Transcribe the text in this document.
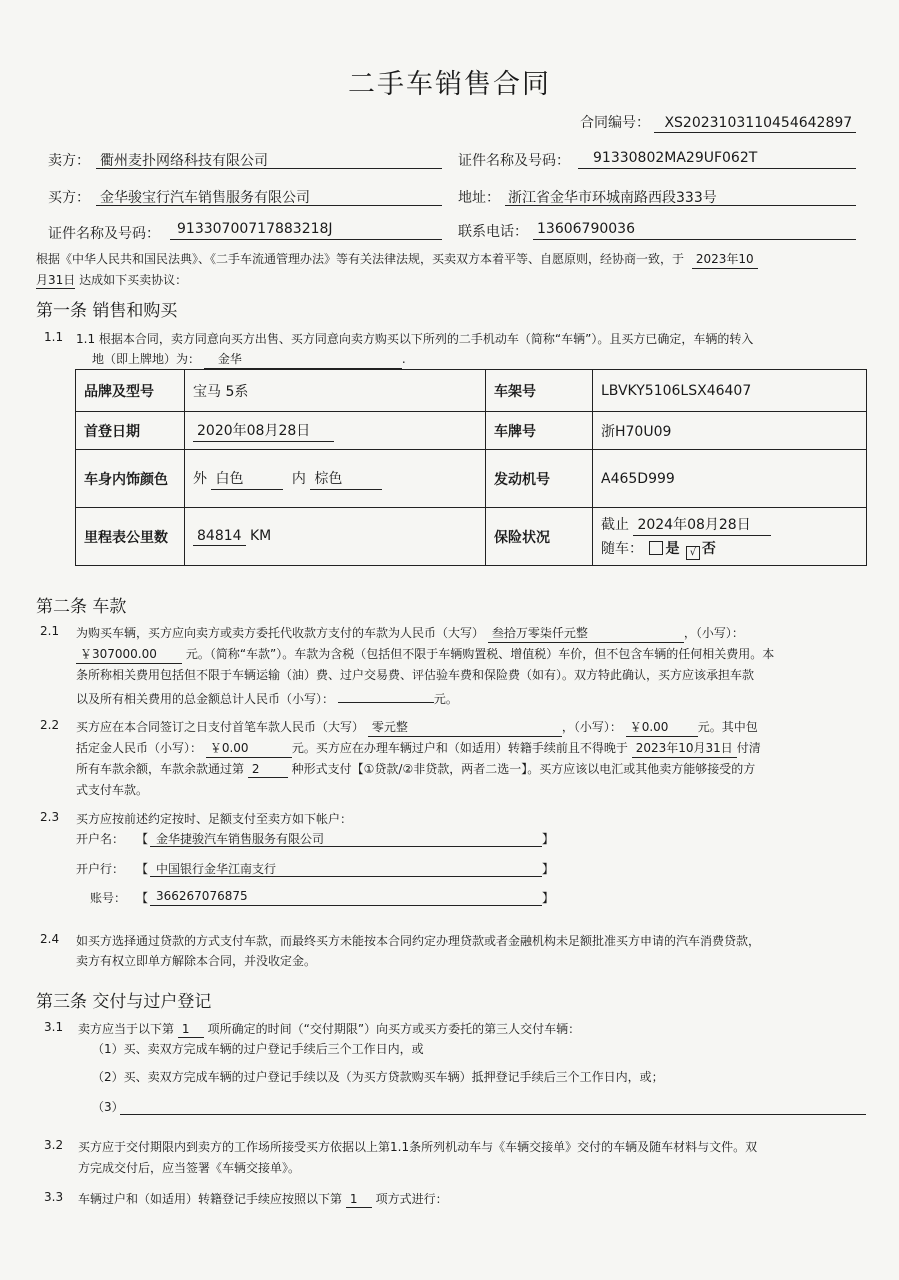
二手车销售合同
合同编号： XS2023103110454642897
卖方： 衢州麦扑网络科技有限公司	证件名称及号码： 91330802MA29UF062T
买方： 金华骏宝行汽车销售服务有限公司	地址： 浙江省金华市环城南路西段333号
证件名称及号码： 91330700717883218J	联系电话： 13606790036
根据《中华人民共和国民法典》、《二手车流通管理办法》等有关法律法规，买卖双方本着平等、自愿原则，经协商一致，于 2023年10
月31日 达成如下买卖协议：
第一条 销售和购买
1.1 1.1 根据本合同，卖方同意向买方出售、买方同意向卖方购买以下所列的二手机动车（简称“车辆”）。且买方已确定，车辆的转入
地（即上牌地）为： 金华	.
品牌及型号	宝马 5系	车架号	LBVKY5106LSX46407
首登日期	2020年08月28日	车牌号	浙H70U09
车身内饰颜色	外 白色 内 棕色	发动机号	A465D999
里程表公里数	84814 KM	保险状况	截止 2024年08月28日
随车： 是 √ 否
第二条 车款
2.1 为购买车辆，买方应向卖方或卖方委托代收款方支付的车款为人民币（大写） 叁拾万零柒仟元整	，（小写）：
￥307000.00 元。（简称“车款”）。车款为含税（包括但不限于车辆购置税、增值税）车价，但不包含车辆的任何相关费用。本
条所称相关费用包括但不限于车辆运输（油）费、过户交易费、评估验车费和保险费（如有）。双方特此确认，买方应该承担车款
以及所有相关费用的总金额总计人民币（小写）：	元。
2.2 买方应在本合同签订之日支付首笔车款人民币（大写） 零元整	，（小写）： ￥0.00 元。其中包
括定金人民币（小写）： ￥0.00	元。买方应在办理车辆过户和（如适用）转籍手续前且不得晚于 2023年10月31日 付清
所有车款余额，车款余款通过第 2	种形式支付【①贷款/②非贷款，两者二选一】。买方应该以电汇或其他卖方能够接受的方
式支付车款。
2.3 买方应按前述约定按时、足额支付至卖方如下帐户：
开户名： 【 金华捷骏汽车销售服务有限公司	】
开户行： 【 中国银行金华江南支行	】
账号： 【 366267076875	】
2.4 如买方选择通过贷款的方式支付车款，而最终买方未能按本合同约定办理贷款或者金融机构未足额批准买方申请的汽车消费贷款，
卖方有权立即单方解除本合同，并没收定金。
第三条 交付与过户登记
3.1 卖方应当于以下第 1 项所确定的时间（“交付期限”）向买方或买方委托的第三人交付车辆：
（1）买、卖双方完成车辆的过户登记手续后三个工作日内，或
（2）买、卖双方完成车辆的过户登记手续以及（为买方贷款购买车辆）抵押登记手续后三个工作日内，或；
（3）
3.2 买方应于交付期限内到卖方的工作场所接受买方依据以上第1.1条所列机动车与《车辆交接单》交付的车辆及随车材料与文件。双
方完成交付后，应当签署《车辆交接单》。
3.3 车辆过户和（如适用）转籍登记手续应按照以下第 1 项方式进行：
